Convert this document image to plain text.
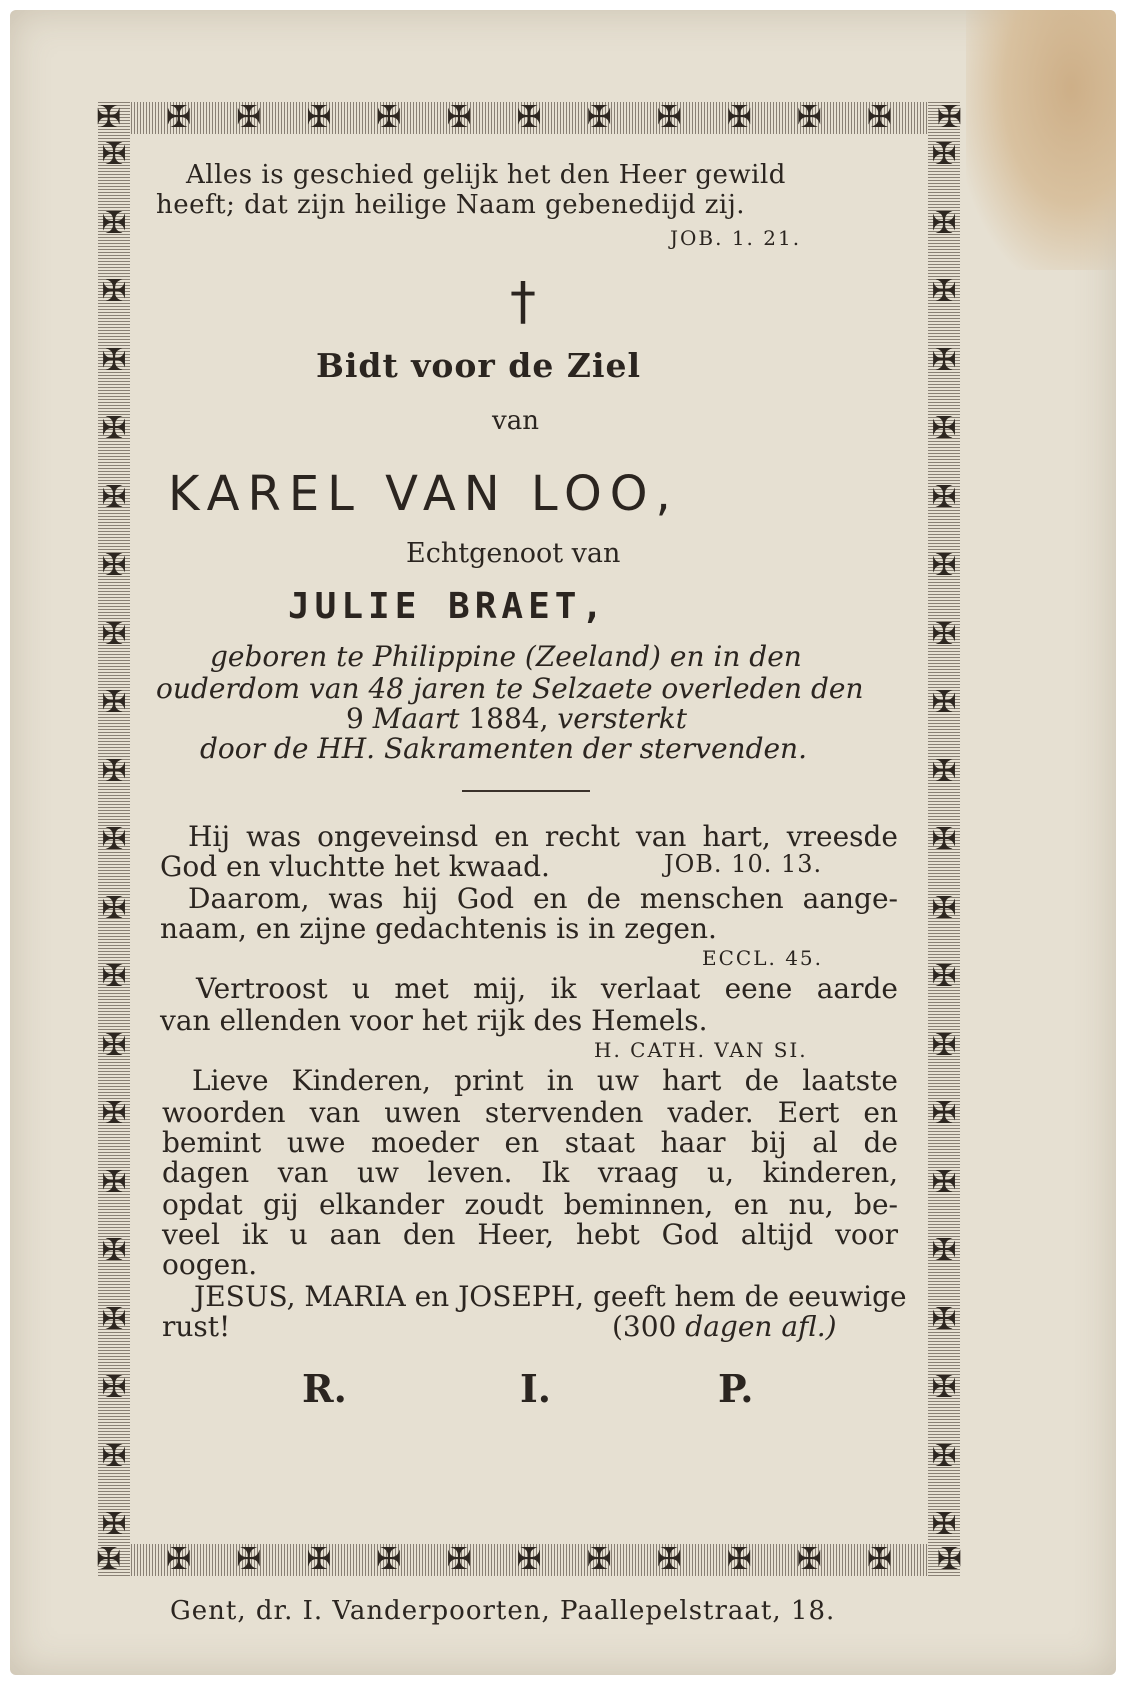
✠ ✠ ✠ ✠ ✠ ✠ ✠ ✠ ✠ ✠ ✠ ✠ ✠
✠ ✠ ✠ ✠ ✠ ✠ ✠ ✠ ✠ ✠ ✠ ✠ ✠
✠
✠
✠
✠
✠
✠
✠
✠
✠
✠
✠
✠
✠
✠
✠
✠
✠
✠
✠
✠
✠
✠
✠
✠
✠
✠
✠
✠
✠
✠
✠
✠
✠
✠
✠
✠
✠
✠
✠
✠
✠
✠
Alles is geschied gelijk het den Heer gewild
heeft; dat zijn heilige Naam gebenedijd zij.
JOB. 1. 21.
†
Bidt voor de Ziel
van
KAREL VAN LOO,
Echtgenoot van
JULIE BRAET,
geboren te Philippine (Zeeland) en in den
ouderdom van 48 jaren te Selzaete overleden den
9 Maart 1884, versterkt
door de HH. Sakramenten der stervenden.
Hij was ongeveinsd en recht van hart, vreesde
God en vluchtte het kwaad.	JOB. 10. 13.
Daarom, was hij God en de menschen aange-
naam, en zijne gedachtenis is in zegen.
ECCL. 45.
Vertroost u met mij, ik verlaat eene aarde
van ellenden voor het rijk des Hemels.
H. CATH. VAN SI.
Lieve Kinderen, print in uw hart de laatste
woorden van uwen stervenden vader. Eert en
bemint uwe moeder en staat haar bij al de
dagen van uw leven. Ik vraag u, kinderen,
opdat gij elkander zoudt beminnen, en nu, be-
veel ik u aan den Heer, hebt God altijd voor
oogen.
JESUS, MARIA en JOSEPH, geeft hem de eeuwige
rust!	(300 dagen afl.)
R.	I.	P.
Gent, dr. I. Vanderpoorten, Paallepelstraat, 18.
